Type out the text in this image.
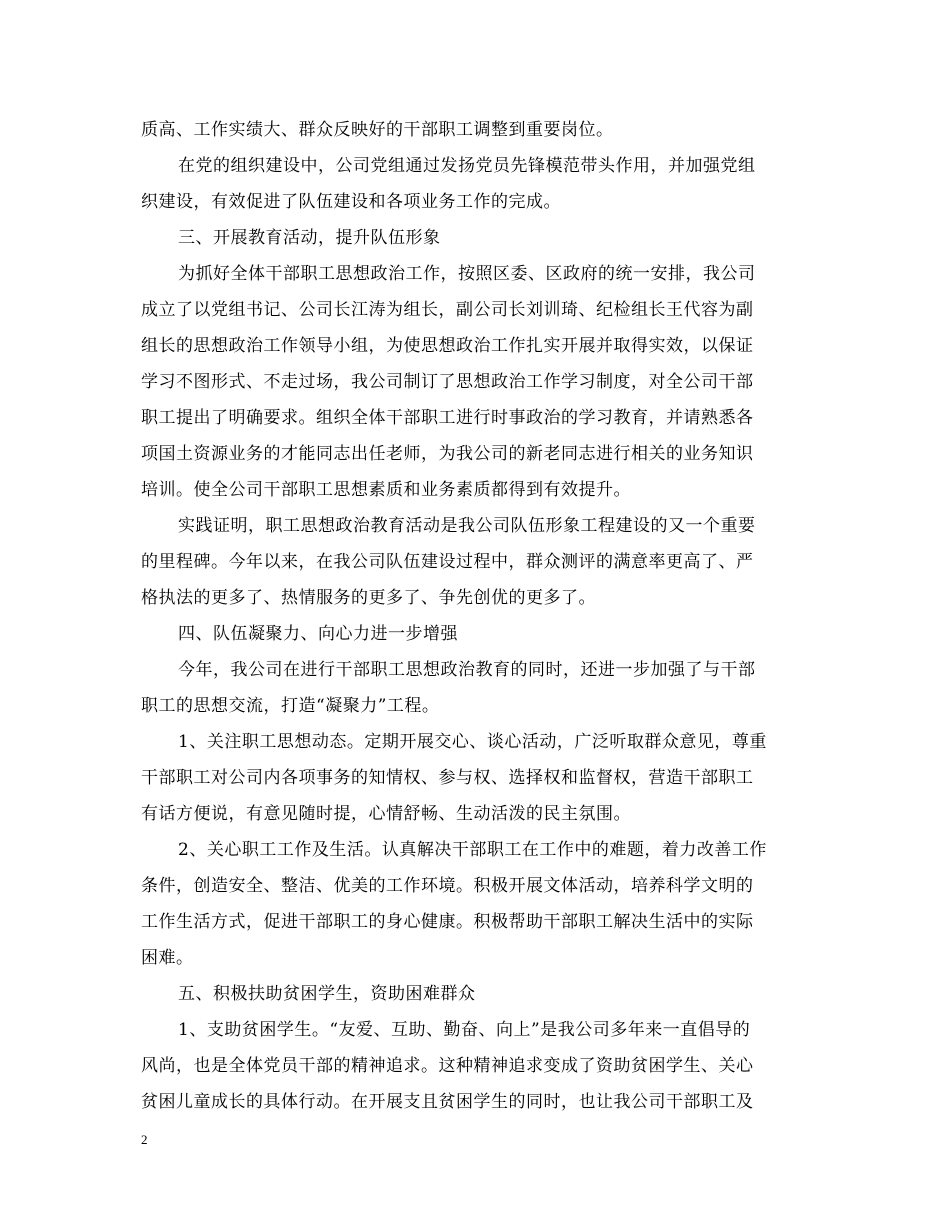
质高、工作实绩大、群众反映好的干部职工调整到重要岗位。
在党的组织建设中，公司党组通过发扬党员先锋模范带头作用，并加强党组
织建设，有效促进了队伍建设和各项业务工作的完成。
三、开展教育活动，提升队伍形象
为抓好全体干部职工思想政治工作，按照区委、区政府的统一安排，我公司
成立了以党组书记、公司长江涛为组长，副公司长刘训琦、纪检组长王代容为副
组长的思想政治工作领导小组，为使思想政治工作扎实开展并取得实效，以保证
学习不图形式、不走过场，我公司制订了思想政治工作学习制度，对全公司干部
职工提出了明确要求。组织全体干部职工进行时事政治的学习教育，并请熟悉各
项国土资源业务的才能同志出任老师，为我公司的新老同志进行相关的业务知识
培训。使全公司干部职工思想素质和业务素质都得到有效提升。
实践证明，职工思想政治教育活动是我公司队伍形象工程建设的又一个重要
的里程碑。今年以来，在我公司队伍建设过程中，群众测评的满意率更高了、严
格执法的更多了、热情服务的更多了、争先创优的更多了。
四、队伍凝聚力、向心力进一步增强
今年，我公司在进行干部职工思想政治教育的同时，还进一步加强了与干部
职工的思想交流，打造“凝聚力”工程。
1、关注职工思想动态。定期开展交心、谈心活动，广泛听取群众意见，尊重
干部职工对公司内各项事务的知情权、参与权、选择权和监督权，营造干部职工
有话方便说，有意见随时提，心情舒畅、生动活泼的民主氛围。
2、关心职工工作及生活。认真解决干部职工在工作中的难题，着力改善工作
条件，创造安全、整洁、优美的工作环境。积极开展文体活动，培养科学文明的
工作生活方式，促进干部职工的身心健康。积极帮助干部职工解决生活中的实际
困难。
五、积极扶助贫困学生，资助困难群众
1、支助贫困学生。“友爱、互助、勤奋、向上”是我公司多年来一直倡导的
风尚，也是全体党员干部的精神追求。这种精神追求变成了资助贫困学生、关心
贫困儿童成长的具体行动。在开展支且贫困学生的同时，也让我公司干部职工及
2
